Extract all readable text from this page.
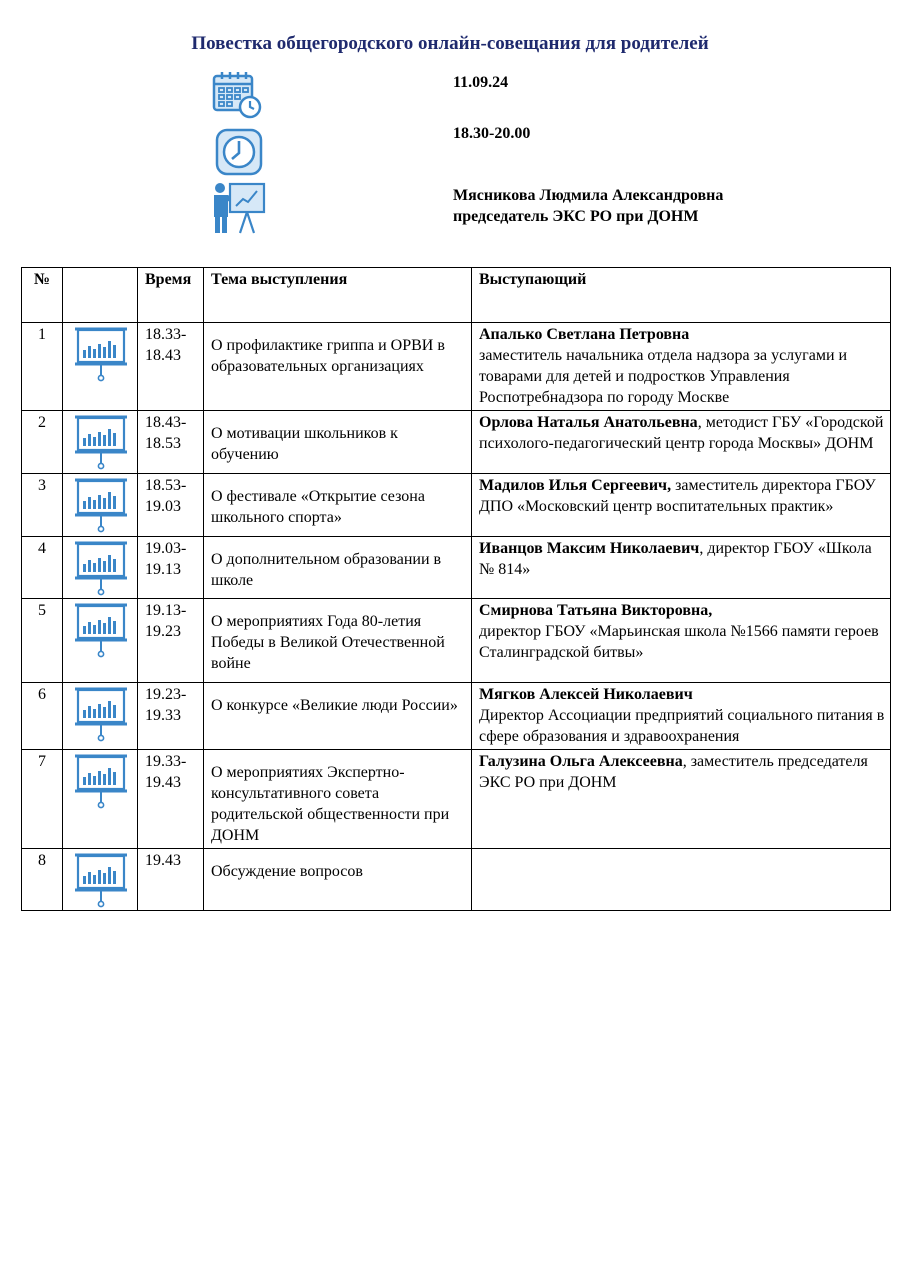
Повестка общегородского онлайн-совещания для родителей
11.09.24
18.30-20.00
Мясникова Людмила Александровна
председатель ЭКС РО при ДОНМ
№		Время	Тема выступления	Выступающий
1		18.33-18.43	О профилактике гриппа и ОРВИ в образовательных организациях	Апалько Светлана Петровна
заместитель начальника отдела надзора за услугами и товарами для детей и подростков Управления Роспотребнадзора по городу Москве

2		18.43-18.53	О мотивации школьников к обучению	Орлова Наталья Анатольевна, методист ГБУ «Городской психолого-педагогический центр города Москвы» ДОНМ
3		18.53-19.03	О фестивале «Открытие сезона школьного спорта»	Мадилов Илья Сергеевич, заместитель директора ГБОУ ДПО «Московский центр воспитательных практик»
4		19.03-19.13	О дополнительном образовании в школе	Иванцов Максим Николаевич, директор ГБОУ «Школа № 814»
5		19.13-19.23	О мероприятиях Года 80-летия Победы в Великой Отечественной войне	Смирнова Татьяна Викторовна,
директор ГБОУ «Марьинская школа №1566 памяти героев Сталинградской битвы»

6		19.23-19.33	О конкурсе «Великие люди России»	Мягков Алексей Николаевич
Директор Ассоциации предприятий социального питания в сфере образования и здравоохранения

7		19.33-19.43	О мероприятиях Экспертно-консультативного совета родительской общественности при ДОНМ	Галузина Ольга Алексеевна, заместитель председателя ЭКС РО при ДОНМ
8		19.43	Обсуждение вопросов	
